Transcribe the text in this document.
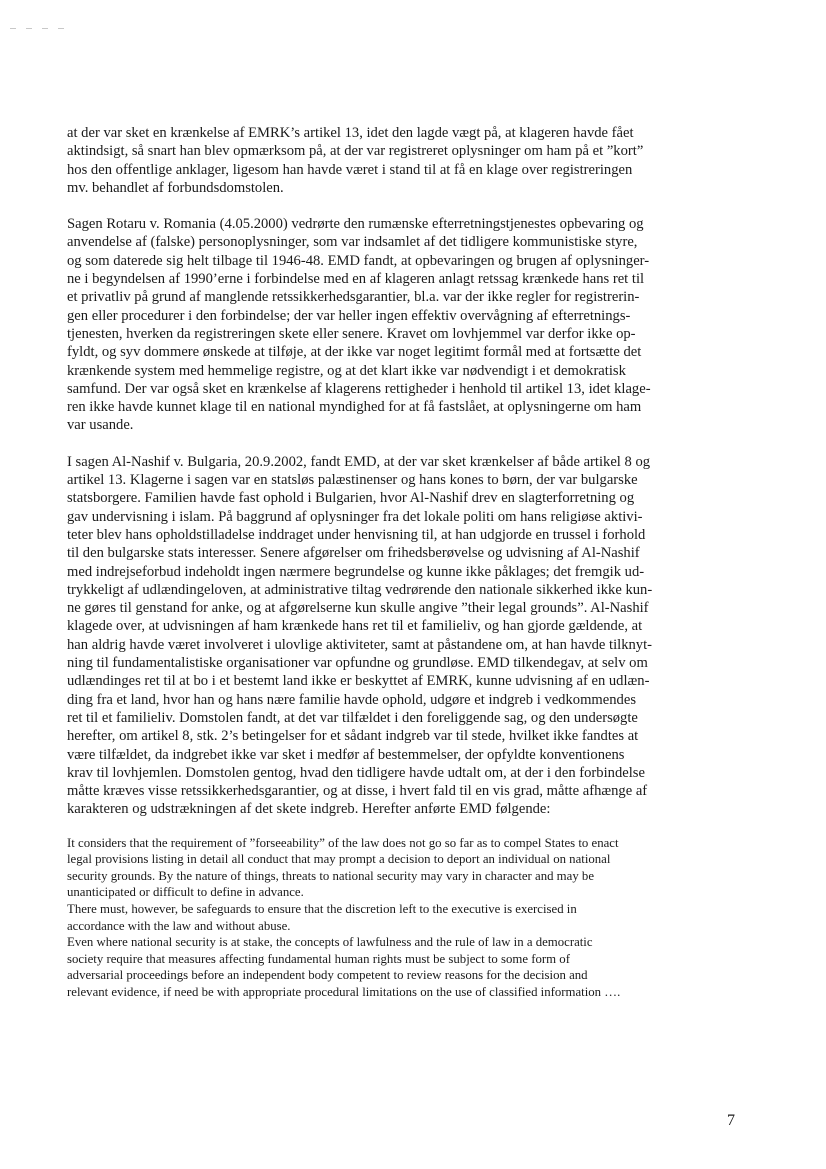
at der var sket en krænkelse af EMRK’s artikel 13, idet den lagde vægt på, at klageren havde fået
aktindsigt, så snart han blev opmærksom på, at der var registreret oplysninger om ham på et ”kort”
hos den offentlige anklager, ligesom han havde været i stand til at få en klage over registreringen
mv. behandlet af forbundsdomstolen.

Sagen Rotaru v. Romania (4.05.2000) vedrørte den rumænske efterretningstjenestes opbevaring og
anvendelse af (falske) personoplysninger, som var indsamlet af det tidligere kommunistiske styre,
og som daterede sig helt tilbage til 1946-48. EMD fandt, at opbevaringen og brugen af oplysninger-
ne i begyndelsen af 1990’erne i forbindelse med en af klageren anlagt retssag krænkede hans ret til
et privatliv på grund af manglende retssikkerhedsgarantier, bl.a. var der ikke regler for registrerin-
gen eller procedurer i den forbindelse; der var heller ingen effektiv overvågning af efterretnings-
tjenesten, hverken da registreringen skete eller senere. Kravet om lovhjemmel var derfor ikke op-
fyldt, og syv dommere ønskede at tilføje, at der ikke var noget legitimt formål med at fortsætte det
krænkende system med hemmelige registre, og at det klart ikke var nødvendigt i et demokratisk
samfund. Der var også sket en krænkelse af klagerens rettigheder i henhold til artikel 13, idet klage-
ren ikke havde kunnet klage til en national myndighed for at få fastslået, at oplysningerne om ham
var usande.

I sagen Al-Nashif v. Bulgaria, 20.9.2002, fandt EMD, at der var sket krænkelser af både artikel 8 og
artikel 13. Klagerne i sagen var en statsløs palæstinenser og hans kones to børn, der var bulgarske
statsborgere. Familien havde fast ophold i Bulgarien, hvor Al-Nashif drev en slagterforretning og
gav undervisning i islam. På baggrund af oplysninger fra det lokale politi om hans religiøse aktivi-
teter blev hans opholdstilladelse inddraget under henvisning til, at han udgjorde en trussel i forhold
til den bulgarske stats interesser. Senere afgørelser om frihedsberøvelse og udvisning af Al-Nashif
med indrejseforbud indeholdt ingen nærmere begrundelse og kunne ikke påklages; det fremgik ud-
trykkeligt af udlændingeloven, at administrative tiltag vedrørende den nationale sikkerhed ikke kun-
ne gøres til genstand for anke, og at afgørelserne kun skulle angive ”their legal grounds”. Al-Nashif
klagede over, at udvisningen af ham krænkede hans ret til et familieliv, og han gjorde gældende, at
han aldrig havde været involveret i ulovlige aktiviteter, samt at påstandene om, at han havde tilknyt-
ning til fundamentalistiske organisationer var opfundne og grundløse. EMD tilkendegav, at selv om
udlændinges ret til at bo i et bestemt land ikke er beskyttet af EMRK, kunne udvisning af en udlæn-
ding fra et land, hvor han og hans nære familie havde ophold, udgøre et indgreb i vedkommendes
ret til et familieliv. Domstolen fandt, at det var tilfældet i den foreliggende sag, og den undersøgte
herefter, om artikel 8, stk. 2’s betingelser for et sådant indgreb var til stede, hvilket ikke fandtes at
være tilfældet, da indgrebet ikke var sket i medfør af bestemmelser, der opfyldte konventionens
krav til lovhjemlen. Domstolen gentog, hvad den tidligere havde udtalt om, at der i den forbindelse
måtte kræves visse retssikkerhedsgarantier, og at disse, i hvert fald til en vis grad, måtte afhænge af
karakteren og udstrækningen af det skete indgreb. Herefter anførte EMD følgende:

It considers that the requirement of ”forseeability” of the law does not go so far as to compel States to enact
legal provisions listing in detail all conduct that may prompt a decision to deport an individual on national
security grounds. By the nature of things, threats to national security may vary in character and may be
unanticipated or difficult to define in advance.

There must, however, be safeguards to ensure that the discretion left to the executive is exercised in
accordance with the law and without abuse.

Even where national security is at stake, the concepts of lawfulness and the rule of law in a democratic
society require that measures affecting fundamental human rights must be subject to some form of
adversarial proceedings before an independent body competent to review reasons for the decision and
relevant evidence, if need be with appropriate procedural limitations on the use of classified information ….

7
